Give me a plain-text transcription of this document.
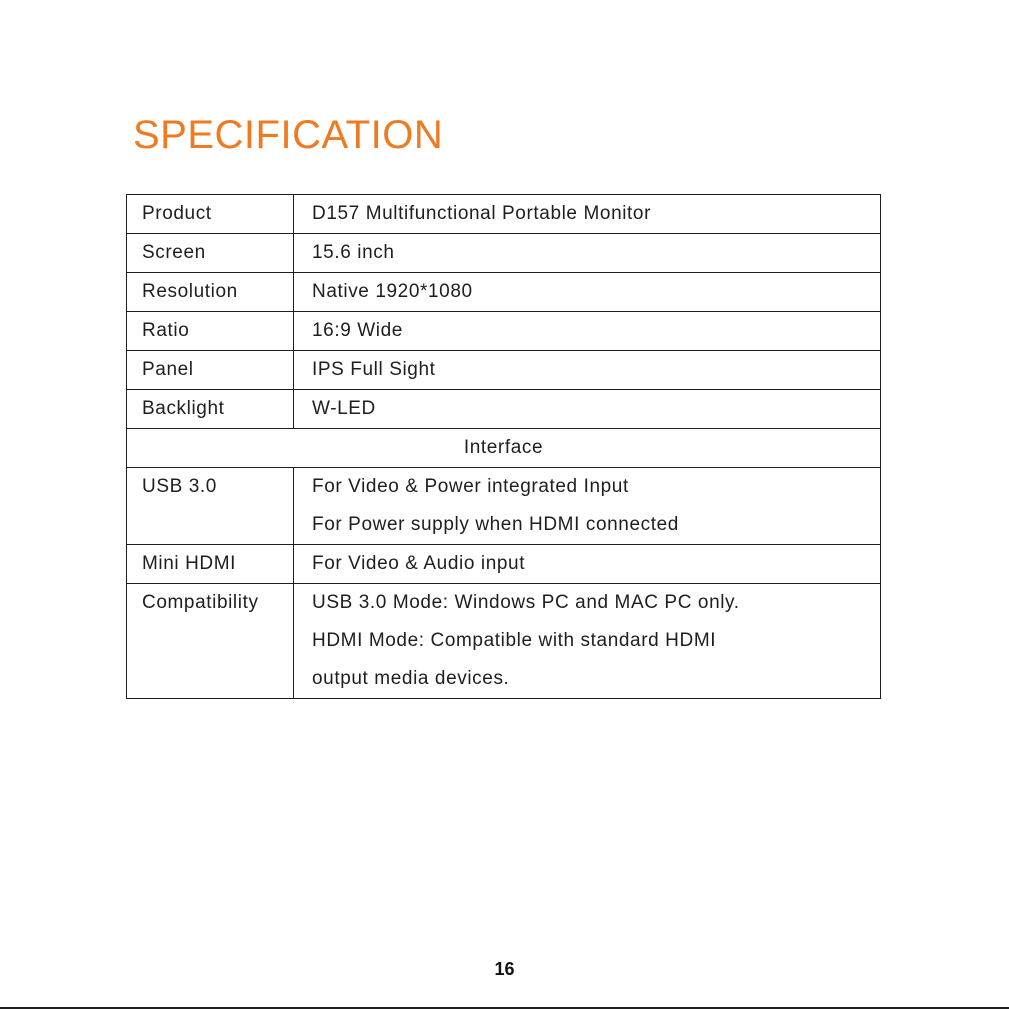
SPECIFICATION
Product	D157 Multifunctional Portable Monitor

Screen	15.6 inch

Resolution	Native 1920*1080

Ratio	16:9 Wide

Panel	IPS Full Sight

Backlight	W-LED

Interface	
USB 3.0	For Video & Power integrated Input
For Power supply when HDMI connected

Mini HDMI	For Video & Audio input

Compatibility	USB 3.0 Mode: Windows PC and MAC PC only.
HDMI Mode: Compatible with standard HDMI
output media devices.
16
